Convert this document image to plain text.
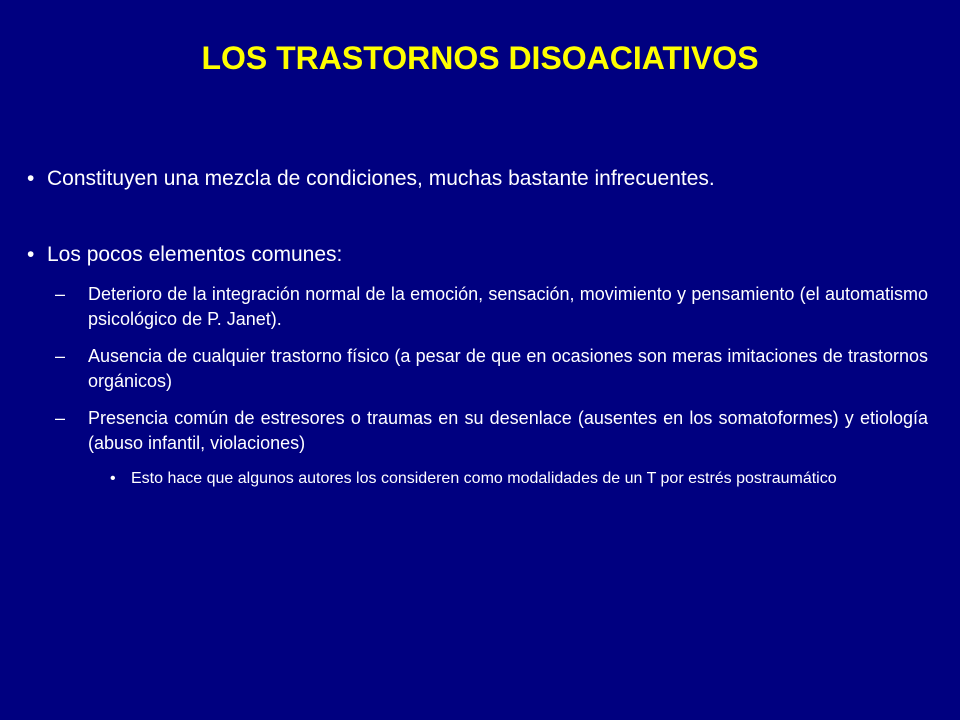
LOS TRASTORNOS DISOACIATIVOS
• Constituyen una mezcla de condiciones, muchas bastante infrecuentes.
• Los pocos elementos comunes:
– Deterioro de la integración normal de la emoción, sensación, movimiento y pensamiento (el automatismo psicológico de P. Janet).
– Ausencia de cualquier trastorno físico (a pesar de que en ocasiones son meras imitaciones de trastornos orgánicos)
– Presencia común de estresores o traumas en su desenlace (ausentes en los somatoformes) y etiología (abuso infantil, violaciones)
• Esto hace que algunos autores los consideren como modalidades de un T por estrés postraumático
